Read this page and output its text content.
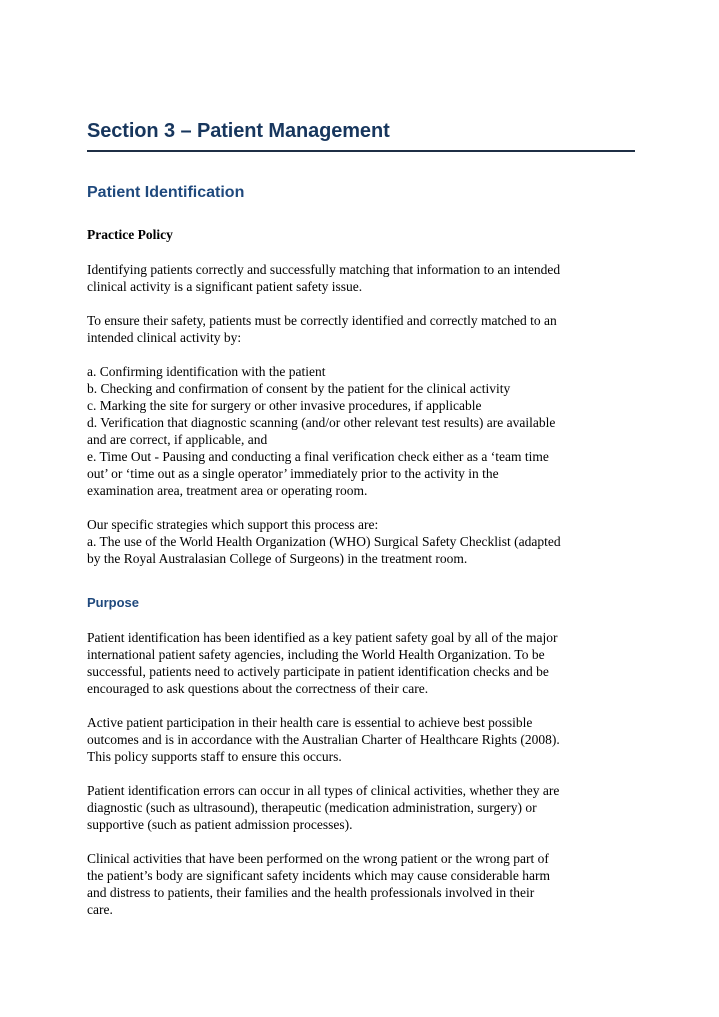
Section 3 – Patient Management
Patient Identification
Practice Policy

Identifying patients correctly and successfully matching that information to an intended
clinical activity is a significant patient safety issue.

To ensure their safety, patients must be correctly identified and correctly matched to an
intended clinical activity by:

a. Confirming identification with the patient
b. Checking and confirmation of consent by the patient for the clinical activity
c. Marking the site for surgery or other invasive procedures, if applicable
d. Verification that diagnostic scanning (and/or other relevant test results) are available
and are correct, if applicable, and
e. Time Out - Pausing and conducting a final verification check either as a ‘team time
out’ or ‘time out as a single operator’ immediately prior to the activity in the
examination area, treatment area or operating room.

Our specific strategies which support this process are:
a. The use of the World Health Organization (WHO) Surgical Safety Checklist (adapted
by the Royal Australasian College of Surgeons) in the treatment room.

Purpose

Patient identification has been identified as a key patient safety goal by all of the major
international patient safety agencies, including the World Health Organization. To be
successful, patients need to actively participate in patient identification checks and be
encouraged to ask questions about the correctness of their care.

Active patient participation in their health care is essential to achieve best possible
outcomes and is in accordance with the Australian Charter of Healthcare Rights (2008).
This policy supports staff to ensure this occurs.

Patient identification errors can occur in all types of clinical activities, whether they are
diagnostic (such as ultrasound), therapeutic (medication administration, surgery) or
supportive (such as patient admission processes).

Clinical activities that have been performed on the wrong patient or the wrong part of
the patient’s body are significant safety incidents which may cause considerable harm
and distress to patients, their families and the health professionals involved in their
care.
